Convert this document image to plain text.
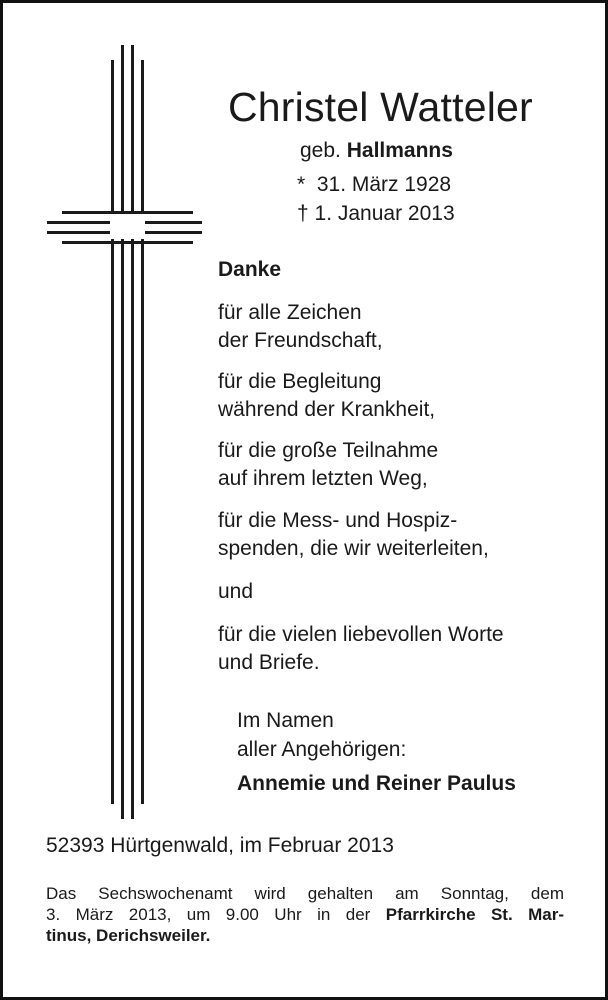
Christel Watteler
geb. Hallmanns
*  31. März 1928
† 1. Januar 2013
Danke
für alle Zeichen
der Freundschaft,
für die Begleitung
während der Krankheit,
für die große Teilnahme
auf ihrem letzten Weg,
für die Mess- und Hospiz-
spenden, die wir weiterleiten,
und
für die vielen liebevollen Worte
und Briefe.
Im Namen
aller Angehörigen:
Annemie und Reiner Paulus
52393 Hürtgenwald, im Februar 2013
Das Sechswochenamt wird gehalten am Sonntag, dem
3. März 2013, um 9.00 Uhr in der Pfarrkirche St. Mar-
tinus, Derichsweiler.
